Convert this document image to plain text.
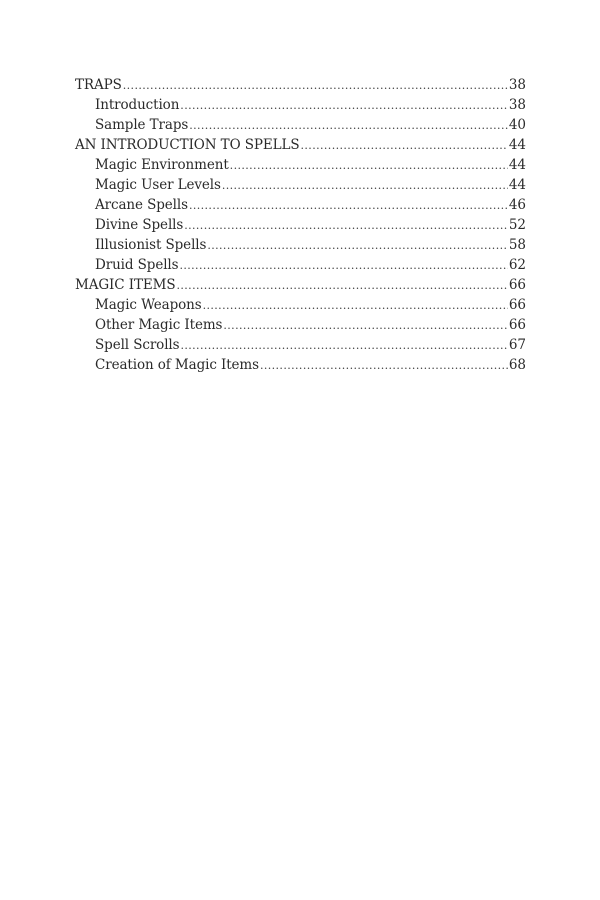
TRAPS .....	38
Introduction .....	38
Sample Traps .....	40
AN INTRODUCTION TO SPELLS .....	44
Magic Environment .....	44
Magic User Levels .....	44
Arcane Spells .....	46
Divine Spells .....	52
Illusionist Spells .....	58
Druid Spells .....	62
MAGIC ITEMS .....	66
Magic Weapons .....	66
Other Magic Items .....	66
Spell Scrolls .....	67
Creation of Magic Items .....	68
